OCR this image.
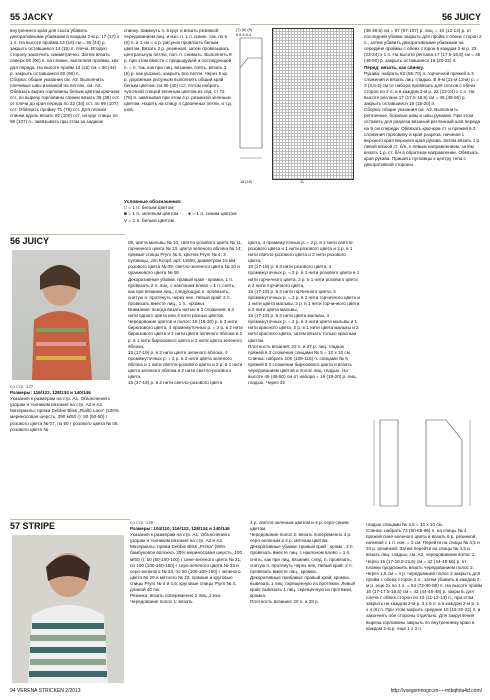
55 JACKY	56 JUICY

внутреннего края для скоса убавить декоративными убавками в каждом 2-м р. 17 (17) х 1 п. На высоте пройма 13 (16) см = 36 (44) р. закрыть оставшиеся 14 (15) п. плеча. Вторую сторону закончить симметрично. Затем вязать поверх 80 (90) п. на спинке, выполняя проймы, как для переда. На высоте пройм 13 (16) см = 36 (44) р. закрыть оставшиеся 60 (66) п.

Сборка: общие указания см. А3. Выполнить плечевые швы изнанкой на петлях, см. А3. Обвязать вырез горловины белым цветом крючком сст, по вырезу горловины спинки вязать 35 (39) сст, от плеча до края переда по 32 (34) сст, по 99 (107) сст. Обвязать пройму 71 (75) сст. Для планки спинки вдоль вязать 92 (100) сст, на круг спицы по 99 (107) п., завязывать при этом за заднюю

спинку. Замкнуть п. в круг и вязать резинкой чередованием лиц. и изн. п. 1 п. изнан. так, по 6 (6) п. и 1 см = 4 р. рисунок провязать белым цветом. Вязать 2 р. резинкой, затем провязывать центральную петлю, пол. п. снимать. Выполнять 8 р. при этом вместе с предыдущей и последующей п. = п. так, как при лиц. вязании, снять, вязать 3 (5) р. как указано, закрыть все петли. Через 5 кр. р. дорожным рисунком выполнить общий край белым цветом, по 36 (40) сст, потом набрать чулочной спицей зеленым цветом из сед. ст 72 (76) п. завязывая при этом 4 р. резинкой зеленым цветом. Надеть на спицу 4 сдвоенных петли, и т.д. шов.

Условные обозначения:
□ = 1 п. белым цветом
■ = 1 п. зеленым цветом	● = 1 п. синим цветом
V = 1 п. белым цветом
(7) (6) (5)
6,5-5,5-4
16 (18)	11

(36-39,5) см = 87 (97-107) р. лиц. = 10 (12-14) р. от последней убавки закрыть для пройм с обеих сторон 2 п., затем убавить декоративными убавками на середине проймы с обеих сторон в каждом 2-м р. 22 (23-24) х 1 п. На высоте реглана 17 (17,5-18,5) см = 46 (48-50) р. закрыть оставшиеся 18 (20-22) п.

Перед: вязать, как спинку.

Рукава: набрать 62 (66-70) п. горчичной пряжей в 3 сложения и вязать лиц. гладью. В 9-м (11-м 13-м) р. = 3 (3,5-4) см от набора провязать для скосов с обеих сторон по 2 п. и в каждом 2-м р. 22 (23-24) х 1 п. На высоте реглана 17 (17,5-18,5) см = 46 (48-50) р. закрыть оставшиеся 16 (18-20) п.

Сборка: общие указания см. А3. Выполнить регланные, боковые швы и швы рукавов. При этом оставить для разреза вязаный регланный шов переда на 9 см спереди. Обвязать крючком ст. и пряжей в 3 сложения горловину и края разреза, начиная с верхнего края верхнего края рукава. Затем вязать 1 р. левой вязкой ст. б/н, с левым направлением, затем вязать 1 р. ст. б/н в обратном направлении. Обвязать края рукава. Пришить пуговицы к центру тела с декоративной стороны.

56 JUICY

со стр. 137

Размеры: 116/122, 128/134 и 140/146

Указания к размерам на стр. А1. Объяснения к узорам и техникам вязания на стр. А2 и А3.

Материалы: пряжа Debbie Bliss „Rialto Lace“ (100% мериносовая шерсть, 390 м/50 г): 50 (50-50) г розового цвета № 07, по 50 г розового цвета № 06, розового цвета №

09, цвета мальвы № 10, светло-розового цвета № 11, горчичного цвета № 13, цвета зеленого яблока № 14; прямые спицы Prym № 5, крючок Prym № 4; 3 пуговицы, Jim Knopf, арт. 11650, диаметром 15 мм, розового цвета № 09, светло-зеленого цвета № 10 и оранжевого цвета № 08.

Декоративные убавки: правый край - кромка, 1 п. провязать 2 п. лиц. с наклоном влево = 1 п. снять, как при вязании лиц., следующую п. провязать, снятую п. протянуть через нее. Левый край: 2 п. провязать вместе лиц., 1 п., кромка.

Внимание: всегда вязать нитью в 3 сложения: в 3 нити одного цвета или 3 нити разных цветов.

Чередование цветов и полос: 16 (18-20) р. в 3 нити бирюзового цвета, 4 промежуточных р. = 2 р. в 2 нити бирюзового цвета и 1 нити цвета зеленого яблока и 2 р. в 1 нити бирюзового цвета и 2 нити цвета зеленого яблока,

15 (17-19) р. в 3 нити цвета зеленого яблока, 4 промежуточных р. = 2 р. в 2 нити цвета зеленого яблока и 1 нити светло-розового цвета и 2 р. в 1 нити цвета зеленого яблока и 2 нити светло-розового цвета,

15 (17-19) р. в 3 нити светло-розового цвета

цвета, 4 промежуточных р. = 2 р. в 2 нити светло-розового цвета и 1 нити розового цвета и 2 р. в 1 нити светло-розового цвета и 2 нити розового цвета,

15 (17-19) р. в 3 нити розового цвета, 4 промежуточных р. = 2 р. в 2 нити розового цвета и 1 нити горчичного цвета, 2 р. в 1 нити розового цвета и 2 нити горчичного цвета,

15 (17-19) р. в 3 нити горчичного цвета, 4 промежуточных р. = 2 р. в 2 нити горчичного цвета и 1 нити цвета мальвы, 2 р. в 1 нити горчичного цвета и 2 нити цвета мальвы,

15 (17-19) р. в 3 нити цвета мальвы, 4 промежуточных р. = 2 р. в 2 нити цвета мальвы и 1 нити красного цвета, 2 р. в 1 нити цвета мальвы и 2 нити красного цвета, затем вязать только красным цветом.

Плотность вязания: 22 п. и 27 р. лиц. гладью пряжей в 3 сложения спицами № 5 = 10 х 10 см.

Спинка: набрать 100 (108-116) п. спицами № 5 пряжей в 3 сложении бирюзового цвета и вязать чередованием цветов и полос лиц. гладью. На высоте 46 (48-50) см от набора = 16 (18-20) р. лиц. гладью. Через 32

57 STRIPE	со стр. 138

Размеры: 104/110, 116/122, 128/134 и 140/146

Указания к размерам на стр. А1. Объяснения к узорам и техникам вязания на стр. А2 и А3.

Материалы: пряжа Debbie Bliss „Prima“ (80% бамбуковое волокно, 20% мериносовая шерсть, 100 м/50 г): 50 (50-100-100) г сине-зеленого цвета № 21, по 100 (100-150-150) г серо-зеленого цвета № 33 и серо-зеленого № 34, по 50 (100-100-150) г зеленого цвета № 29 и мятного № 22; прямые и круговые спицы Prym № 4 и 4,5; круговые спицы Prym № 4, длиной 40 см.

Резинка: вязать попеременно 2 лиц.,2 изн.

Чередование полос 1: вязать

4 р. светло-зеленым цветом и 4 р. серо-синим цветом.

Чередование полос 2: вязать попеременно 4 р. серо-зеленым и 4 р. мятным цветом.

Декоративные убавки: правый край - кромк., 2 п. провязать вместе лиц. с наклоном влево = 1 п. снять, как при лиц. вязании, след. п. провязать, снятую п. протянуть через нее, Левый край: 2 п. провязать вместе лиц., кромка.

Декоративные прибавки: правый край: кромка, вывязать 1 лиц. скрещенную из протяжки. Левый край: вывязать 1 лиц. скрещенную из протяжки, кромка.

Плотность вязания: 20 п. и 28 р.

гладью спицами № 4,5 = 10 x 10 см.

Спинка: набрать 72 (80-88-96) п. на спицы № 4 пряжей сине-зеленого цвета и вязать 6 р. резинкой, начиная с 1 п. изн. = 2 см. Перейти на спицы № 4,5 и 33 р. резинкой. Затем перейти на спицы № 4,5 и вязать лиц. гладью, см. А2, чередованием полос 1. Через 15 (17-18,5-21,5) см = 42 (44-48-56) р. от планки продолжить вязать чередованием полос 2. Через 1,5 см = 4 р. чередования полос 2 закрыть для пройм с обеих сторон 2 п., затем убавить в каждом 2-м р. еще 2х по 1 п. = 64 (72-80-88) п. На высоте пройм 16 (17-17,5-18,5) см = 42 (44-46-48) р. закрыть для плеча с обеих сторон по 10 (11-12-13) п., при этом закрыть на каждом 2-м р. 3 х 6 п. и в каждом 2-м р. 1 х 4 (6) п. При этом закрыть средние 16 (18-20-22) п. и закончить обе стороны отдельно. Для закругления выреза горловины закрыть по внутреннему краю в каждом 2-м р. еще 1 х 3 п.

94 VERENA STRICKEN 2/2013	http://vsegomnogo.xn----mtbqfola4d.com/
